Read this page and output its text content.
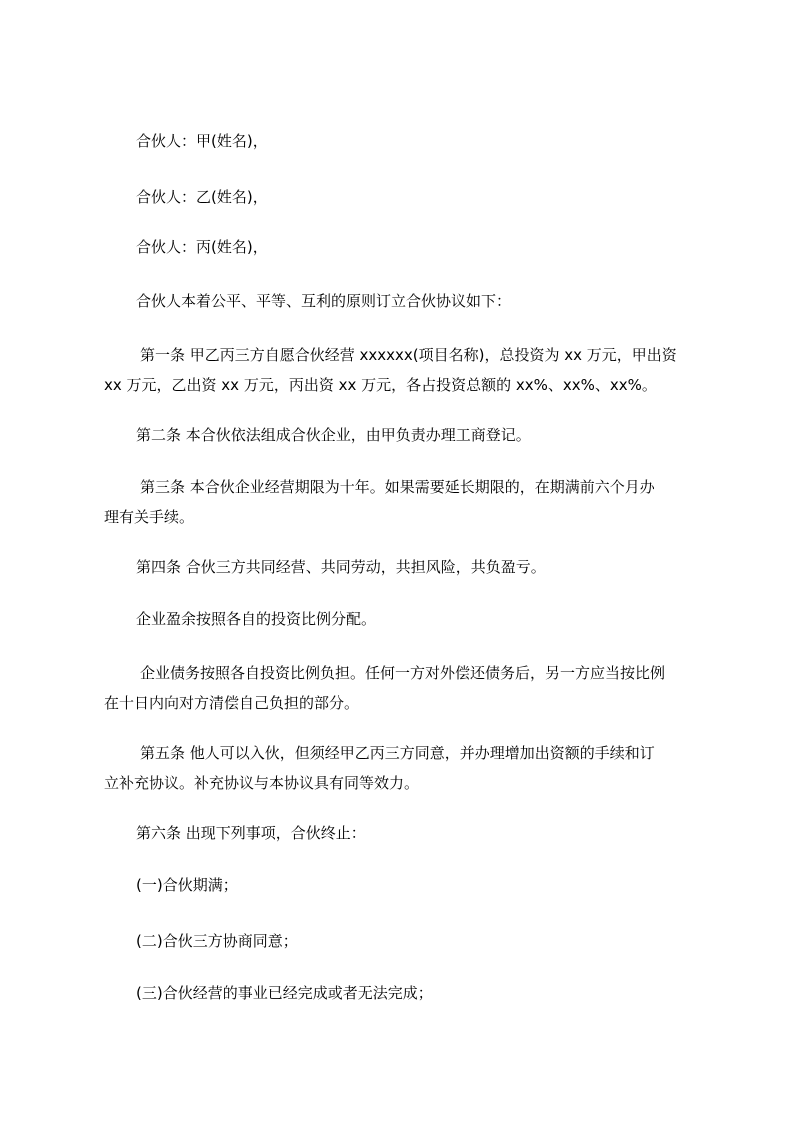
合伙人：甲(姓名)，
合伙人：乙(姓名)，
合伙人：丙(姓名)，
合伙人本着公平、平等、互利的原则订立合伙协议如下：
第一条 甲乙丙三方自愿合伙经营 xxxxxx(项目名称)，总投资为 xx 万元，甲出资
xx 万元，乙出资 xx 万元，丙出资 xx 万元，各占投资总额的 xx%、xx%、xx%。
第二条 本合伙依法组成合伙企业，由甲负责办理工商登记。
第三条 本合伙企业经营期限为十年。如果需要延长期限的，在期满前六个月办
理有关手续。
第四条 合伙三方共同经营、共同劳动，共担风险，共负盈亏。
企业盈余按照各自的投资比例分配。
企业债务按照各自投资比例负担。任何一方对外偿还债务后，另一方应当按比例
在十日内向对方清偿自己负担的部分。
第五条 他人可以入伙，但须经甲乙丙三方同意，并办理增加出资额的手续和订
立补充协议。补充协议与本协议具有同等效力。
第六条 出现下列事项，合伙终止：
(一)合伙期满；
(二)合伙三方协商同意；
(三)合伙经营的事业已经完成或者无法完成；
